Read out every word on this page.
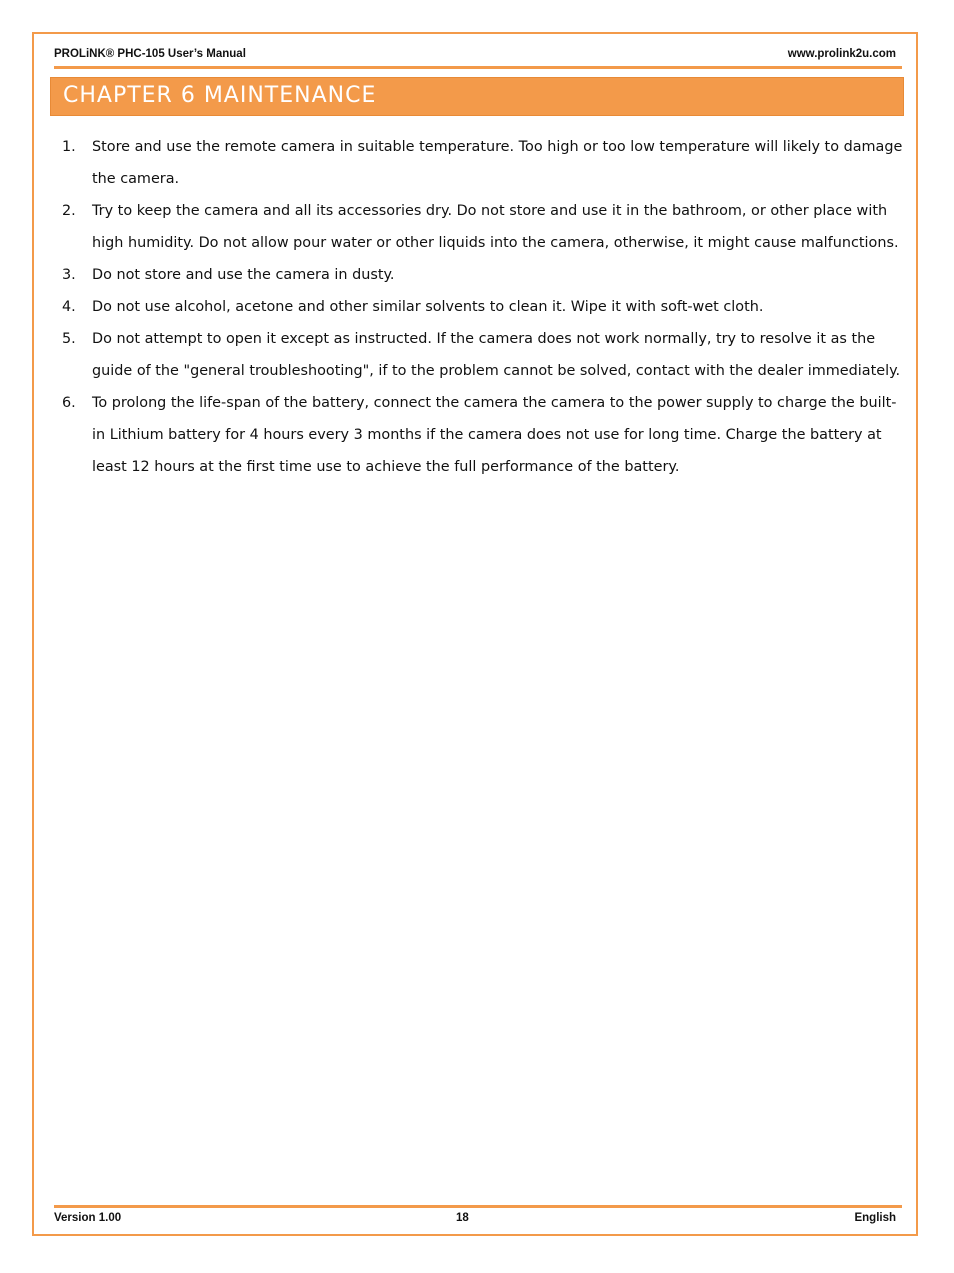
PROLiNK® PHC-105 User’s Manual	www.prolink2u.com
CHAPTER 6 MAINTENANCE
1. Store and use the remote camera in suitable temperature. Too high or too low temperature will likely to damage the camera.
2. Try to keep the camera and all its accessories dry. Do not store and use it in the bathroom, or other place with high humidity. Do not allow pour water or other liquids into the camera, otherwise, it might cause malfunctions.
3. Do not store and use the camera in dusty.
4. Do not use alcohol, acetone and other similar solvents to clean it. Wipe it with soft-wet cloth.
5. Do not attempt to open it except as instructed. If the camera does not work normally, try to resolve it as the guide of the "general troubleshooting", if to the problem cannot be solved, contact with the dealer immediately.
6. To prolong the life-span of the battery, connect the camera the camera to the power supply to charge the built-in Lithium battery for 4 hours every 3 months if the camera does not use for long time. Charge the battery at least 12 hours at the first time use to achieve the full performance of the battery.
Version 1.00	18	English
